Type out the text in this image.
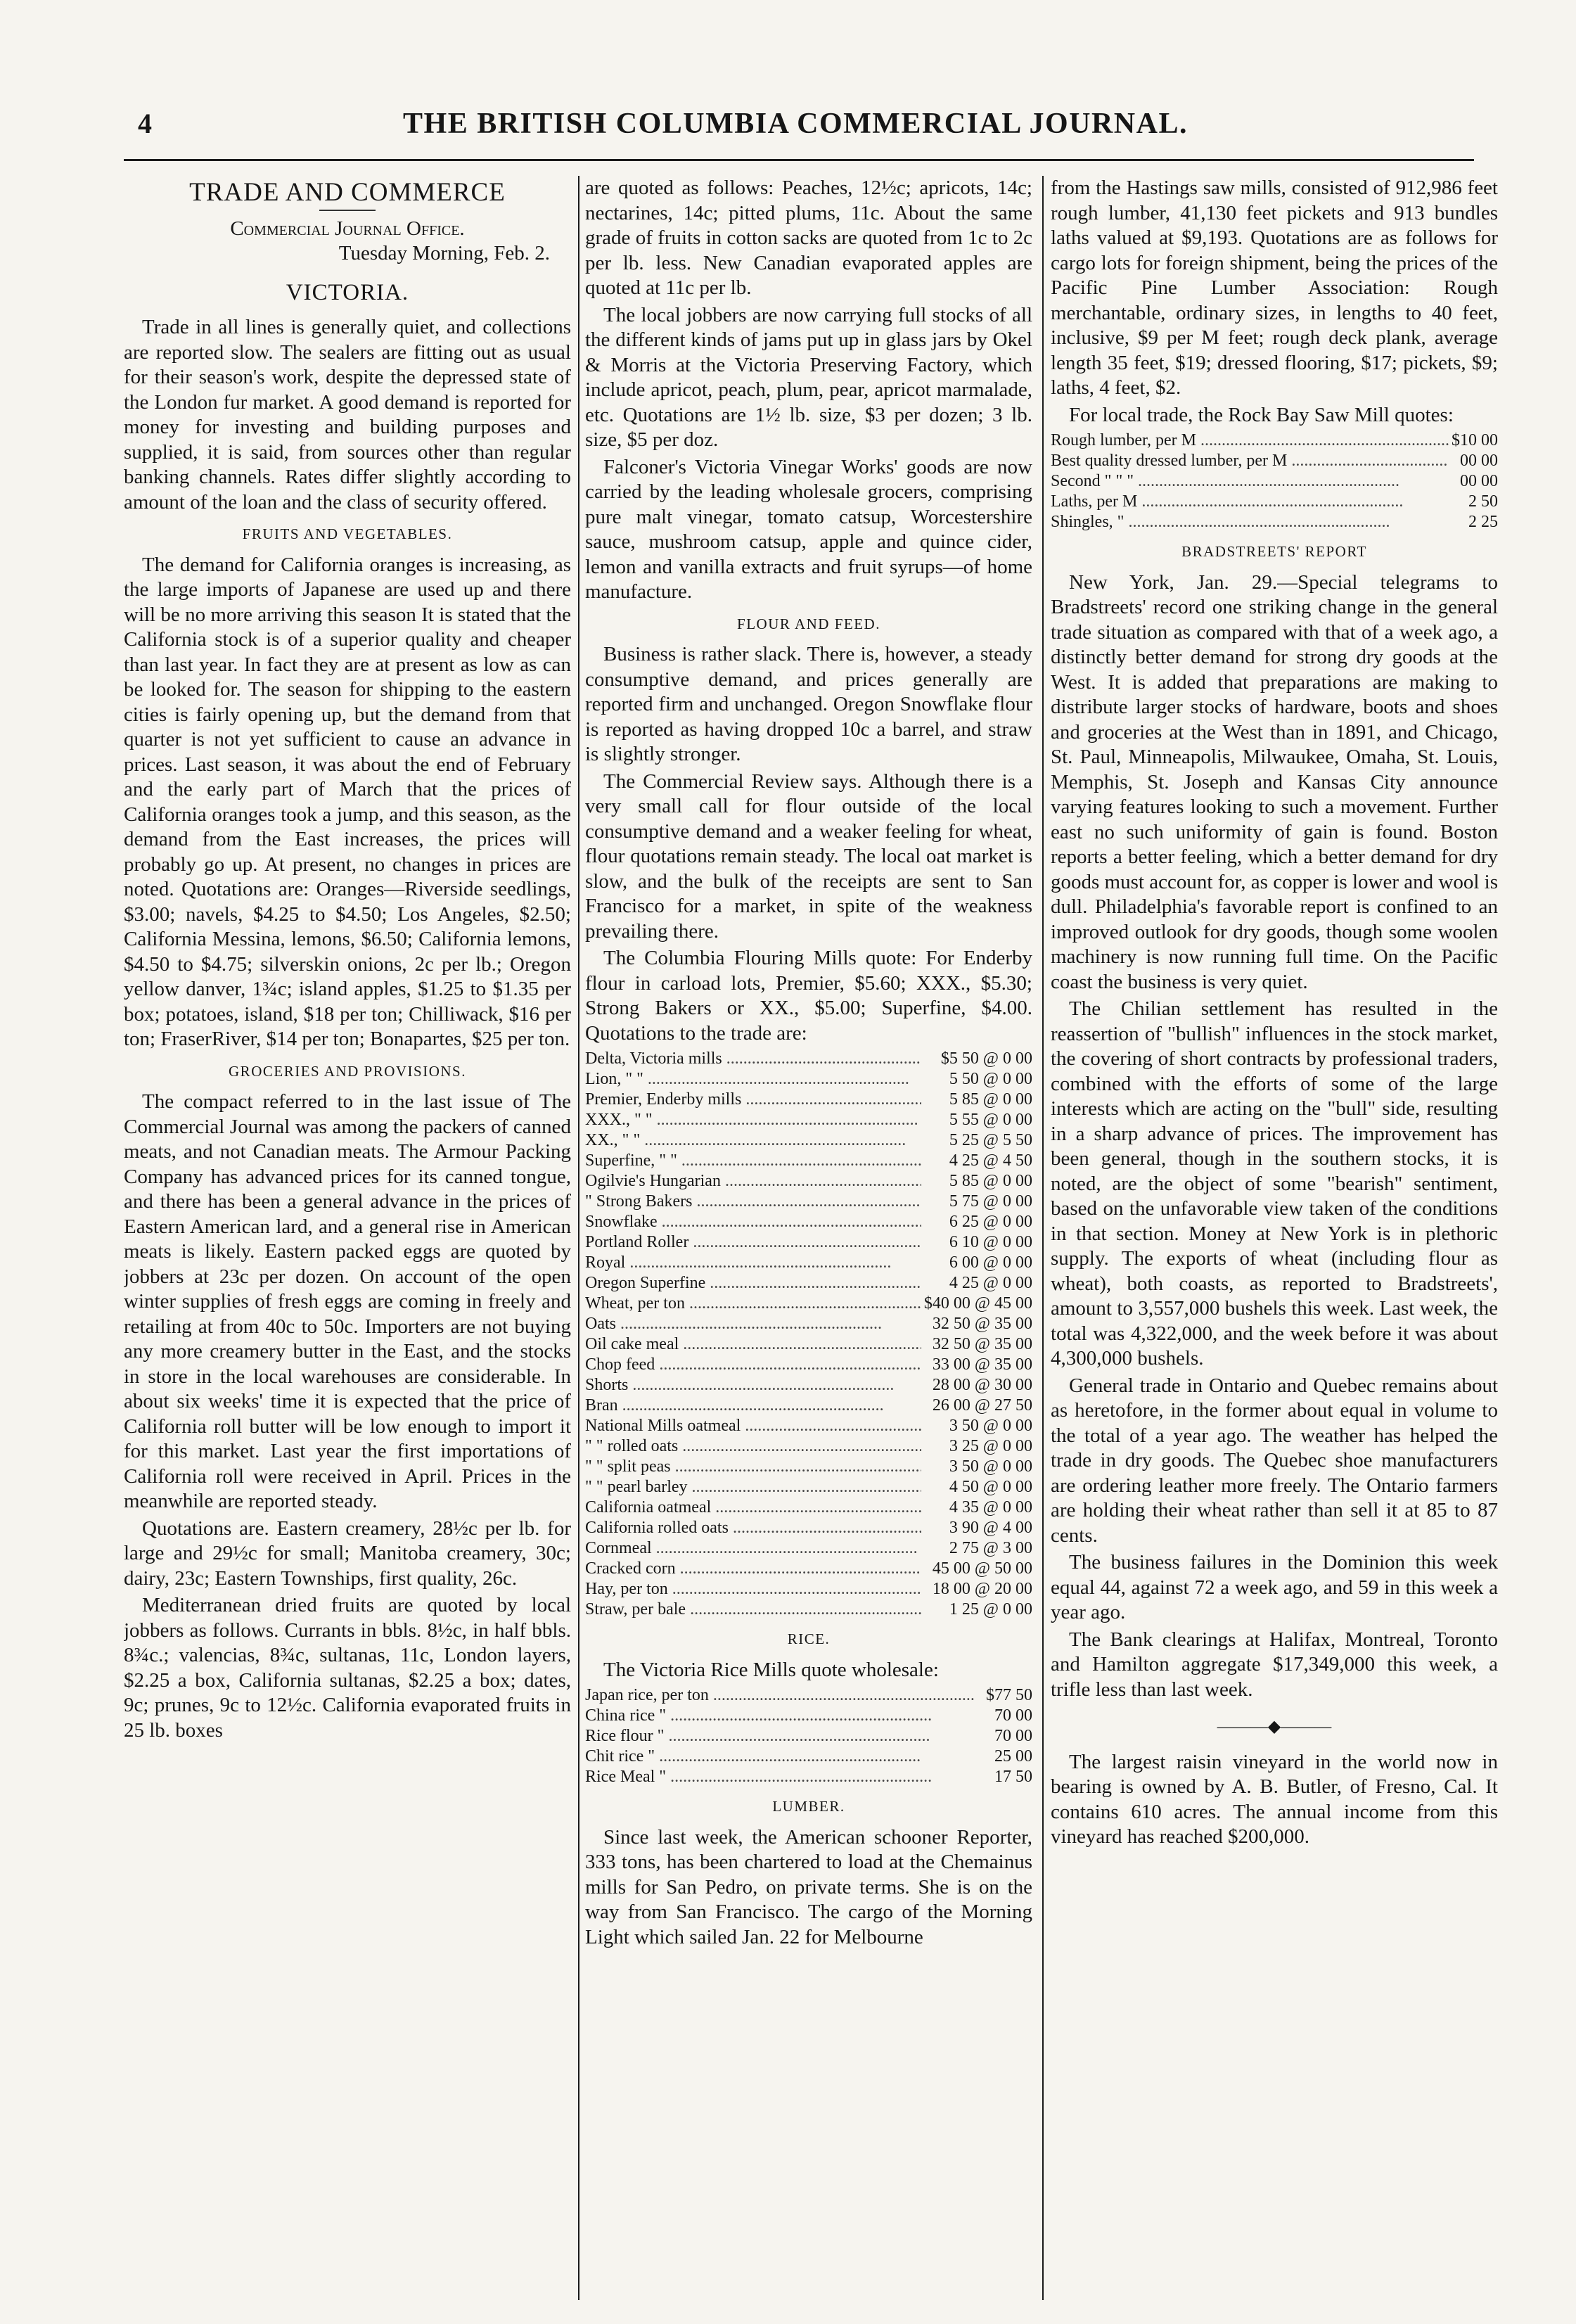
4	THE BRITISH COLUMBIA COMMERCIAL JOURNAL.
TRADE AND COMMERCE
Commercial Journal Office.
Tuesday Morning, Feb. 2.
VICTORIA.

Trade in all lines is generally quiet, and collections are reported slow. The sealers are fitting out as usual for their season's work, despite the depressed state of the London fur market. A good demand is reported for money for investing and building purposes and supplied, it is said, from sources other than regular banking channels. Rates differ slightly according to amount of the loan and the class of security offered.

FRUITS AND VEGETABLES.

The demand for California oranges is increasing, as the large imports of Japanese are used up and there will be no more arriving this season It is stated that the California stock is of a superior quality and cheaper than last year. In fact they are at present as low as can be looked for. The season for shipping to the eastern cities is fairly opening up, but the demand from that quarter is not yet sufficient to cause an advance in prices. Last season, it was about the end of February and the early part of March that the prices of California oranges took a jump, and this season, as the demand from the East increases, the prices will probably go up. At present, no changes in prices are noted. Quotations are: Oranges—Riverside seedlings, $3.00; navels, $4.25 to $4.50; Los Angeles, $2.50; California Messina, lemons, $6.50; California lemons, $4.50 to $4.75; silverskin onions, 2c per lb.; Oregon yellow danver, 1¾c; island apples, $1.25 to $1.35 per box; potatoes, island, $18 per ton; Chilliwack, $16 per ton; FraserRiver, $14 per ton; Bonapartes, $25 per ton.

GROCERIES AND PROVISIONS.

The compact referred to in the last issue of The Commercial Journal was among the packers of canned meats, and not Canadian meats. The Armour Packing Company has advanced prices for its canned tongue, and there has been a general advance in the prices of Eastern American lard, and a general rise in American meats is likely. Eastern packed eggs are quoted by jobbers at 23c per dozen. On account of the open winter supplies of fresh eggs are coming in freely and retailing at from 40c to 50c. Importers are not buying any more creamery butter in the East, and the stocks in store in the local warehouses are considerable. In about six weeks' time it is expected that the price of California roll butter will be low enough to import it for this market. Last year the first importations of California roll were received in April. Prices in the meanwhile are reported steady.

Quotations are. Eastern creamery, 28½c per lb. for large and 29½c for small; Manitoba creamery, 30c; dairy, 23c; Eastern Townships, first quality, 26c.

Mediterranean dried fruits are quoted by local jobbers as follows. Currants in bbls. 8½c, in half bbls. 8¾c.; valencias, 8¾c, sultanas, 11c, London layers, $2.25 a box, California sultanas, $2.25 a box; dates, 9c; prunes, 9c to 12½c. California evaporated fruits in 25 lb. boxes

are quoted as follows: Peaches, 12½c; apricots, 14c; nectarines, 14c; pitted plums, 11c. About the same grade of fruits in cotton sacks are quoted from 1c to 2c per lb. less. New Canadian evaporated apples are quoted at 11c per lb.

The local jobbers are now carrying full stocks of all the different kinds of jams put up in glass jars by Okel & Morris at the Victoria Preserving Factory, which include apricot, peach, plum, pear, apricot marmalade, etc. Quotations are 1½ lb. size, $3 per dozen; 3 lb. size, $5 per doz.

Falconer's Victoria Vinegar Works' goods are now carried by the leading wholesale grocers, comprising pure malt vinegar, tomato catsup, Worcestershire sauce, mushroom catsup, apple and quince cider, lemon and vanilla extracts and fruit syrups—of home manufacture.

FLOUR AND FEED.

Business is rather slack. There is, however, a steady consumptive demand, and prices generally are reported firm and unchanged. Oregon Snowflake flour is reported as having dropped 10c a barrel, and straw is slightly stronger.

The Commercial Review says. Although there is a very small call for flour outside of the local consumptive demand and a weaker feeling for wheat, flour quotations remain steady. The local oat market is slow, and the bulk of the receipts are sent to San Francisco for a market, in spite of the weakness prevailing there.

The Columbia Flouring Mills quote: For Enderby flour in carload lots, Premier, $5.60; XXX., $5.30; Strong Bakers or XX., $5.00; Superfine, $4.00. Quotations to the trade are:

Delta, Victoria mills .....	$5 50 @ 0 00
Lion, " " .....	5 50 @ 0 00
Premier, Enderby mills .....	5 85 @ 0 00
XXX., " " .....	5 55 @ 0 00
XX., " " .....	5 25 @ 5 50
Superfine, " " .....	4 25 @ 4 50
Ogilvie's Hungarian .....	5 85 @ 0 00
" Strong Bakers .....	5 75 @ 0 00
Snowflake .....	6 25 @ 0 00
Portland Roller .....	6 10 @ 0 00
Royal .....	6 00 @ 0 00
Oregon Superfine .....	4 25 @ 0 00
Wheat, per ton .....	$40 00 @ 45 00
Oats .....	32 50 @ 35 00
Oil cake meal .....	32 50 @ 35 00
Chop feed .....	33 00 @ 35 00
Shorts .....	28 00 @ 30 00
Bran .....	26 00 @ 27 50
National Mills oatmeal .....	3 50 @ 0 00
" " rolled oats .....	3 25 @ 0 00
" " split peas .....	3 50 @ 0 00
" " pearl barley .....	4 50 @ 0 00
California oatmeal .....	4 35 @ 0 00
California rolled oats .....	3 90 @ 4 00
Cornmeal .....	2 75 @ 3 00
Cracked corn .....	45 00 @ 50 00
Hay, per ton .....	18 00 @ 20 00
Straw, per bale .....	1 25 @ 0 00
RICE.

The Victoria Rice Mills quote wholesale:

Japan rice, per ton .....	$77 50
China rice " .....	70 00
Rice flour " .....	70 00
Chit rice " .....	25 00
Rice Meal " .....	17 50
LUMBER.

Since last week, the American schooner Reporter, 333 tons, has been chartered to load at the Chemainus mills for San Pedro, on private terms. She is on the way from San Francisco. The cargo of the Morning Light which sailed Jan. 22 for Melbourne

from the Hastings saw mills, consisted of 912,986 feet rough lumber, 41,130 feet pickets and 913 bundles laths valued at $9,193. Quotations are as follows for cargo lots for foreign shipment, being the prices of the Pacific Pine Lumber Association: Rough merchantable, ordinary sizes, in lengths to 40 feet, inclusive, $9 per M feet; rough deck plank, average length 35 feet, $19; dressed flooring, $17; pickets, $9; laths, 4 feet, $2.

For local trade, the Rock Bay Saw Mill quotes:

Rough lumber, per M .....	$10 00
Best quality dressed lumber, per M .....	00 00
Second " " " .....	00 00
Laths, per M .....	2 50
Shingles, " .....	2 25
BRADSTREETS' REPORT

New York, Jan. 29.—Special telegrams to Bradstreets' record one striking change in the general trade situation as compared with that of a week ago, a distinctly better demand for strong dry goods at the West. It is added that preparations are making to distribute larger stocks of hardware, boots and shoes and groceries at the West than in 1891, and Chicago, St. Paul, Minneapolis, Milwaukee, Omaha, St. Louis, Memphis, St. Joseph and Kansas City announce varying features looking to such a movement. Further east no such uniformity of gain is found. Boston reports a better feeling, which a better demand for dry goods must account for, as copper is lower and wool is dull. Philadelphia's favorable report is confined to an improved outlook for dry goods, though some woolen machinery is now running full time. On the Pacific coast the business is very quiet.

The Chilian settlement has resulted in the reassertion of "bullish" influences in the stock market, the covering of short contracts by professional traders, combined with the efforts of some of the large interests which are acting on the "bull" side, resulting in a sharp advance of prices. The improvement has been general, though in the southern stocks, it is noted, are the object of some "bearish" sentiment, based on the unfavorable view taken of the conditions in that section. Money at New York is in plethoric supply. The exports of wheat (including flour as wheat), both coasts, as reported to Bradstreets', amount to 3,557,000 bushels this week. Last week, the total was 4,322,000, and the week before it was about 4,300,000 bushels.

General trade in Ontario and Quebec remains about as heretofore, in the former about equal in volume to the total of a year ago. The weather has helped the trade in dry goods. The Quebec shoe manufacturers are ordering leather more freely. The Ontario farmers are holding their wheat rather than sell it at 85 to 87 cents.

The business failures in the Dominion this week equal 44, against 72 a week ago, and 59 in this week a year ago.

The Bank clearings at Halifax, Montreal, Toronto and Hamilton aggregate $17,349,000 this week, a trifle less than last week.

———◆———

The largest raisin vineyard in the world now in bearing is owned by A. B. Butler, of Fresno, Cal. It contains 610 acres. The annual income from this vineyard has reached $200,000.
